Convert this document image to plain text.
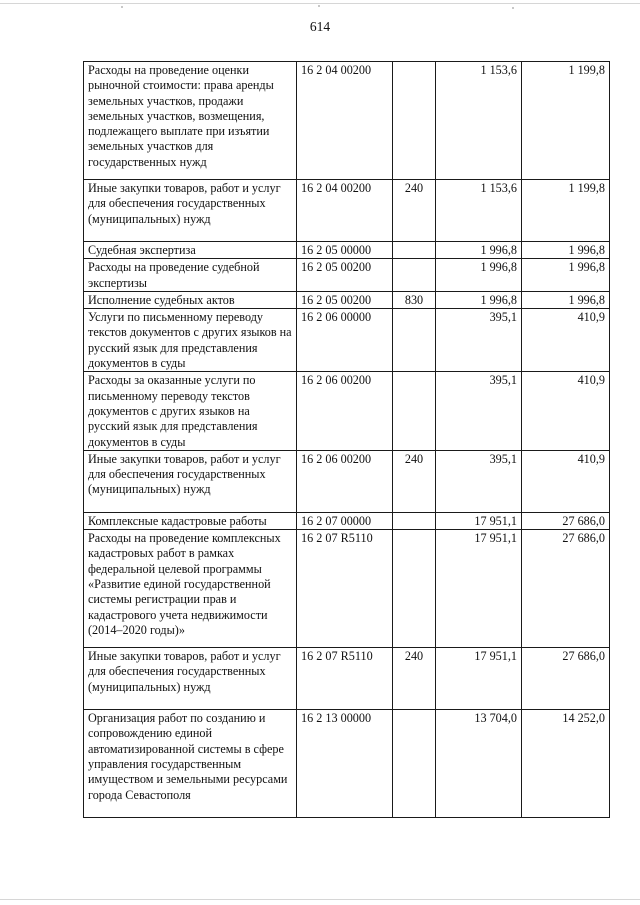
614
Расходы на проведение оценки рыночной стоимости: права аренды земельных участков, продажи земельных участков, возмещения, подлежащего выплате при изъятии земельных участков для государственных нужд	16 2 04 00200		1 153,6	1 199,8
Иные закупки товаров, работ и услуг для обеспечения государственных (муниципальных) нужд	16 2 04 00200	240	1 153,6	1 199,8
Судебная экспертиза	16 2 05 00000		1 996,8	1 996,8
Расходы на проведение судебной экспертизы	16 2 05 00200		1 996,8	1 996,8
Исполнение судебных актов	16 2 05 00200	830	1 996,8	1 996,8
Услуги по письменному переводу текстов документов с других языков на русский язык для представления документов в суды	16 2 06 00000		395,1	410,9
Расходы за оказанные услуги по письменному переводу текстов документов с других языков на русский язык для представления документов в суды	16 2 06 00200		395,1	410,9
Иные закупки товаров, работ и услуг для обеспечения государственных (муниципальных) нужд	16 2 06 00200	240	395,1	410,9
Комплексные кадастровые работы	16 2 07 00000		17 951,1	27 686,0
Расходы на проведение комплексных кадастровых работ в рамках федеральной целевой программы «Развитие единой государственной системы регистрации прав и кадастрового учета недвижимости (2014–2020 годы)»	16 2 07 R5110		17 951,1	27 686,0
Иные закупки товаров, работ и услуг для обеспечения государственных (муниципальных) нужд	16 2 07 R5110	240	17 951,1	27 686,0
Организация работ по созданию и сопровождению единой автоматизированной системы в сфере управления государственным имуществом и земельными ресурсами города Севастополя	16 2 13 00000		13 704,0	14 252,0
